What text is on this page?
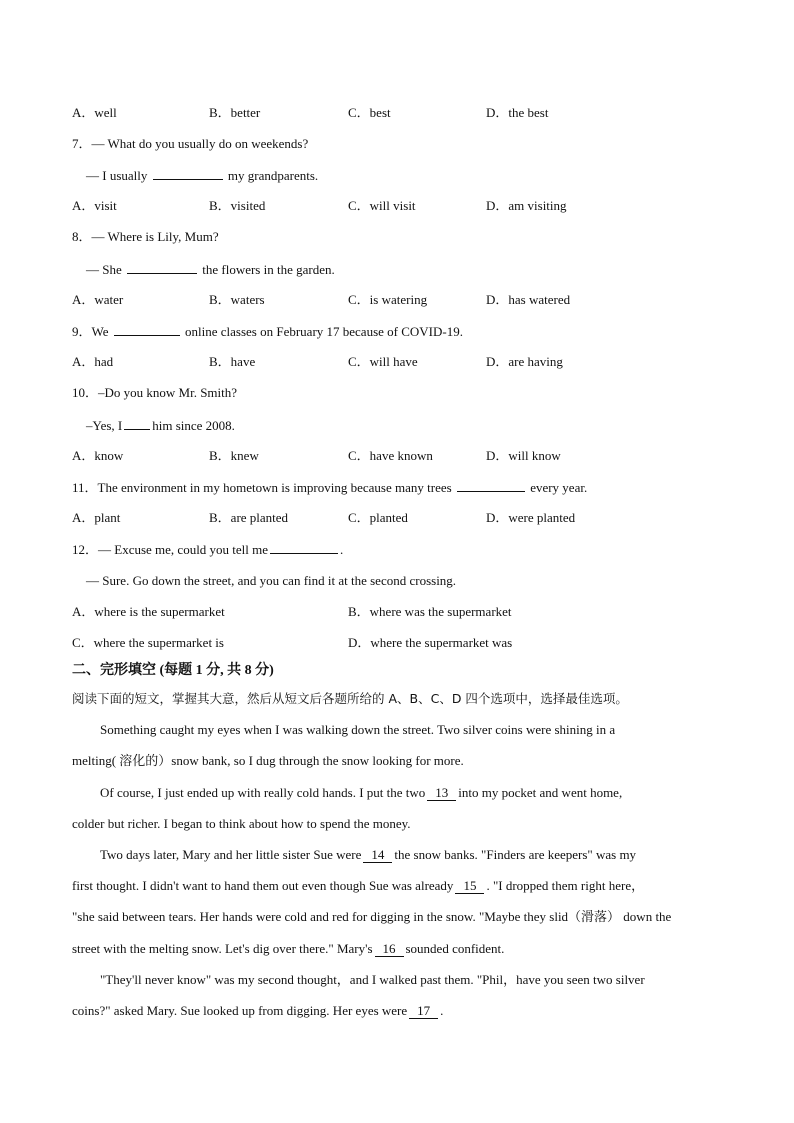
A．well	B．better	C．best	D．the best
7．— What do you usually do on weekends?
— I usually	my grandparents.
A．visit	B．visited	C．will visit	D．am visiting
8．— Where is Lily, Mum?
— She	the flowers in the garden.
A．water	B．waters	C．is watering	D．has watered
9．We	online classes on February 17 because of COVID-19.
A．had	B．have	C．will have	D．are having
10．–Do you know Mr. Smith?
–Yes, I him since 2008.
A．know	B．knew	C．have known	D．will know
11．The environment in my hometown is improving because many trees	every year.
A．plant	B．are planted	C．planted	D．were planted
12．— Excuse me, could you tell me	.
— Sure. Go down the street, and you can find it at the second crossing.
A．where is the supermarket	B．where was the supermarket
C．where the supermarket is	D．where the supermarket was
二、完形填空 (每题 1 分, 共 8 分)
阅读下面的短文，掌握其大意，然后从短文后各题所给的 A、B、C、D 四个选项中，选择最佳选项。
Something caught my eyes when I was walking down the street. Two silver coins were shining in a
melting( 溶化的）snow bank, so I dug through the snow looking for more.
Of course, I just ended up with really cold hands. I put the two 13 into my pocket and went home,
colder but richer. I began to think about how to spend the money.
Two days later, Mary and her little sister Sue were 14 the snow banks. "Finders are keepers" was my
first thought. I didn't want to hand them out even though Sue was already 15 . "I dropped them right here，
"she said between tears. Her hands were cold and red for digging in the snow. "Maybe they slid（滑落） down the
street with the melting snow. Let's dig over there." Mary's 16 sounded confident.
"They'll never know" was my second thought，and I walked past them. "Phil，have you seen two silver
coins?" asked Mary. Sue looked up from digging. Her eyes were 17 .
